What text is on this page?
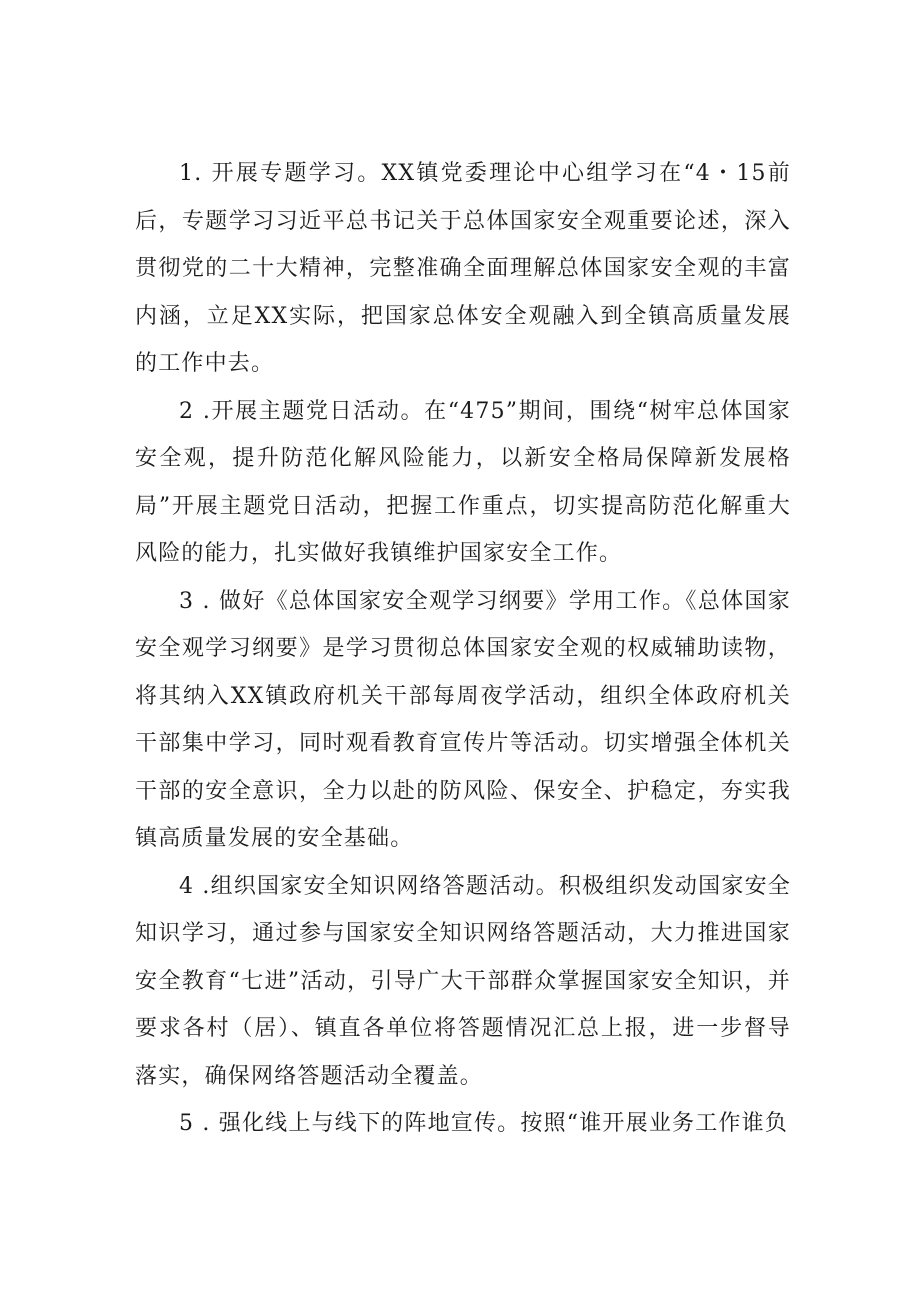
1. 开展专题学习。XX镇党委理论中心组学习在“4・15前后，专题学习习近平总书记关于总体国家安全观重要论述，深入贯彻党的二十大精神，完整准确全面理解总体国家安全观的丰富内涵，立足XX实际，把国家总体安全观融入到全镇高质量发展的工作中去。

2 .开展主题党日活动。在“475”期间，围绕“树牢总体国家安全观，提升防范化解风险能力，以新安全格局保障新发展格局”开展主题党日活动，把握工作重点，切实提高防范化解重大风险的能力，扎实做好我镇维护国家安全工作。

3 . 做好《总体国家安全观学习纲要》学用工作。《总体国家安全观学习纲要》是学习贯彻总体国家安全观的权威辅助读物，将其纳入XX镇政府机关干部每周夜学活动，组织全体政府机关干部集中学习，同时观看教育宣传片等活动。切实增强全体机关干部的安全意识，全力以赴的防风险、保安全、护稳定，夯实我镇高质量发展的安全基础。

4 .组织国家安全知识网络答题活动。积极组织发动国家安全知识学习，通过参与国家安全知识网络答题活动，大力推进国家安全教育“七进”活动，引导广大干部群众掌握国家安全知识，并要求各村（居）、镇直各单位将答题情况汇总上报，进一步督导落实，确保网络答题活动全覆盖。

5 . 强化线上与线下的阵地宣传。按照“谁开展业务工作谁负
